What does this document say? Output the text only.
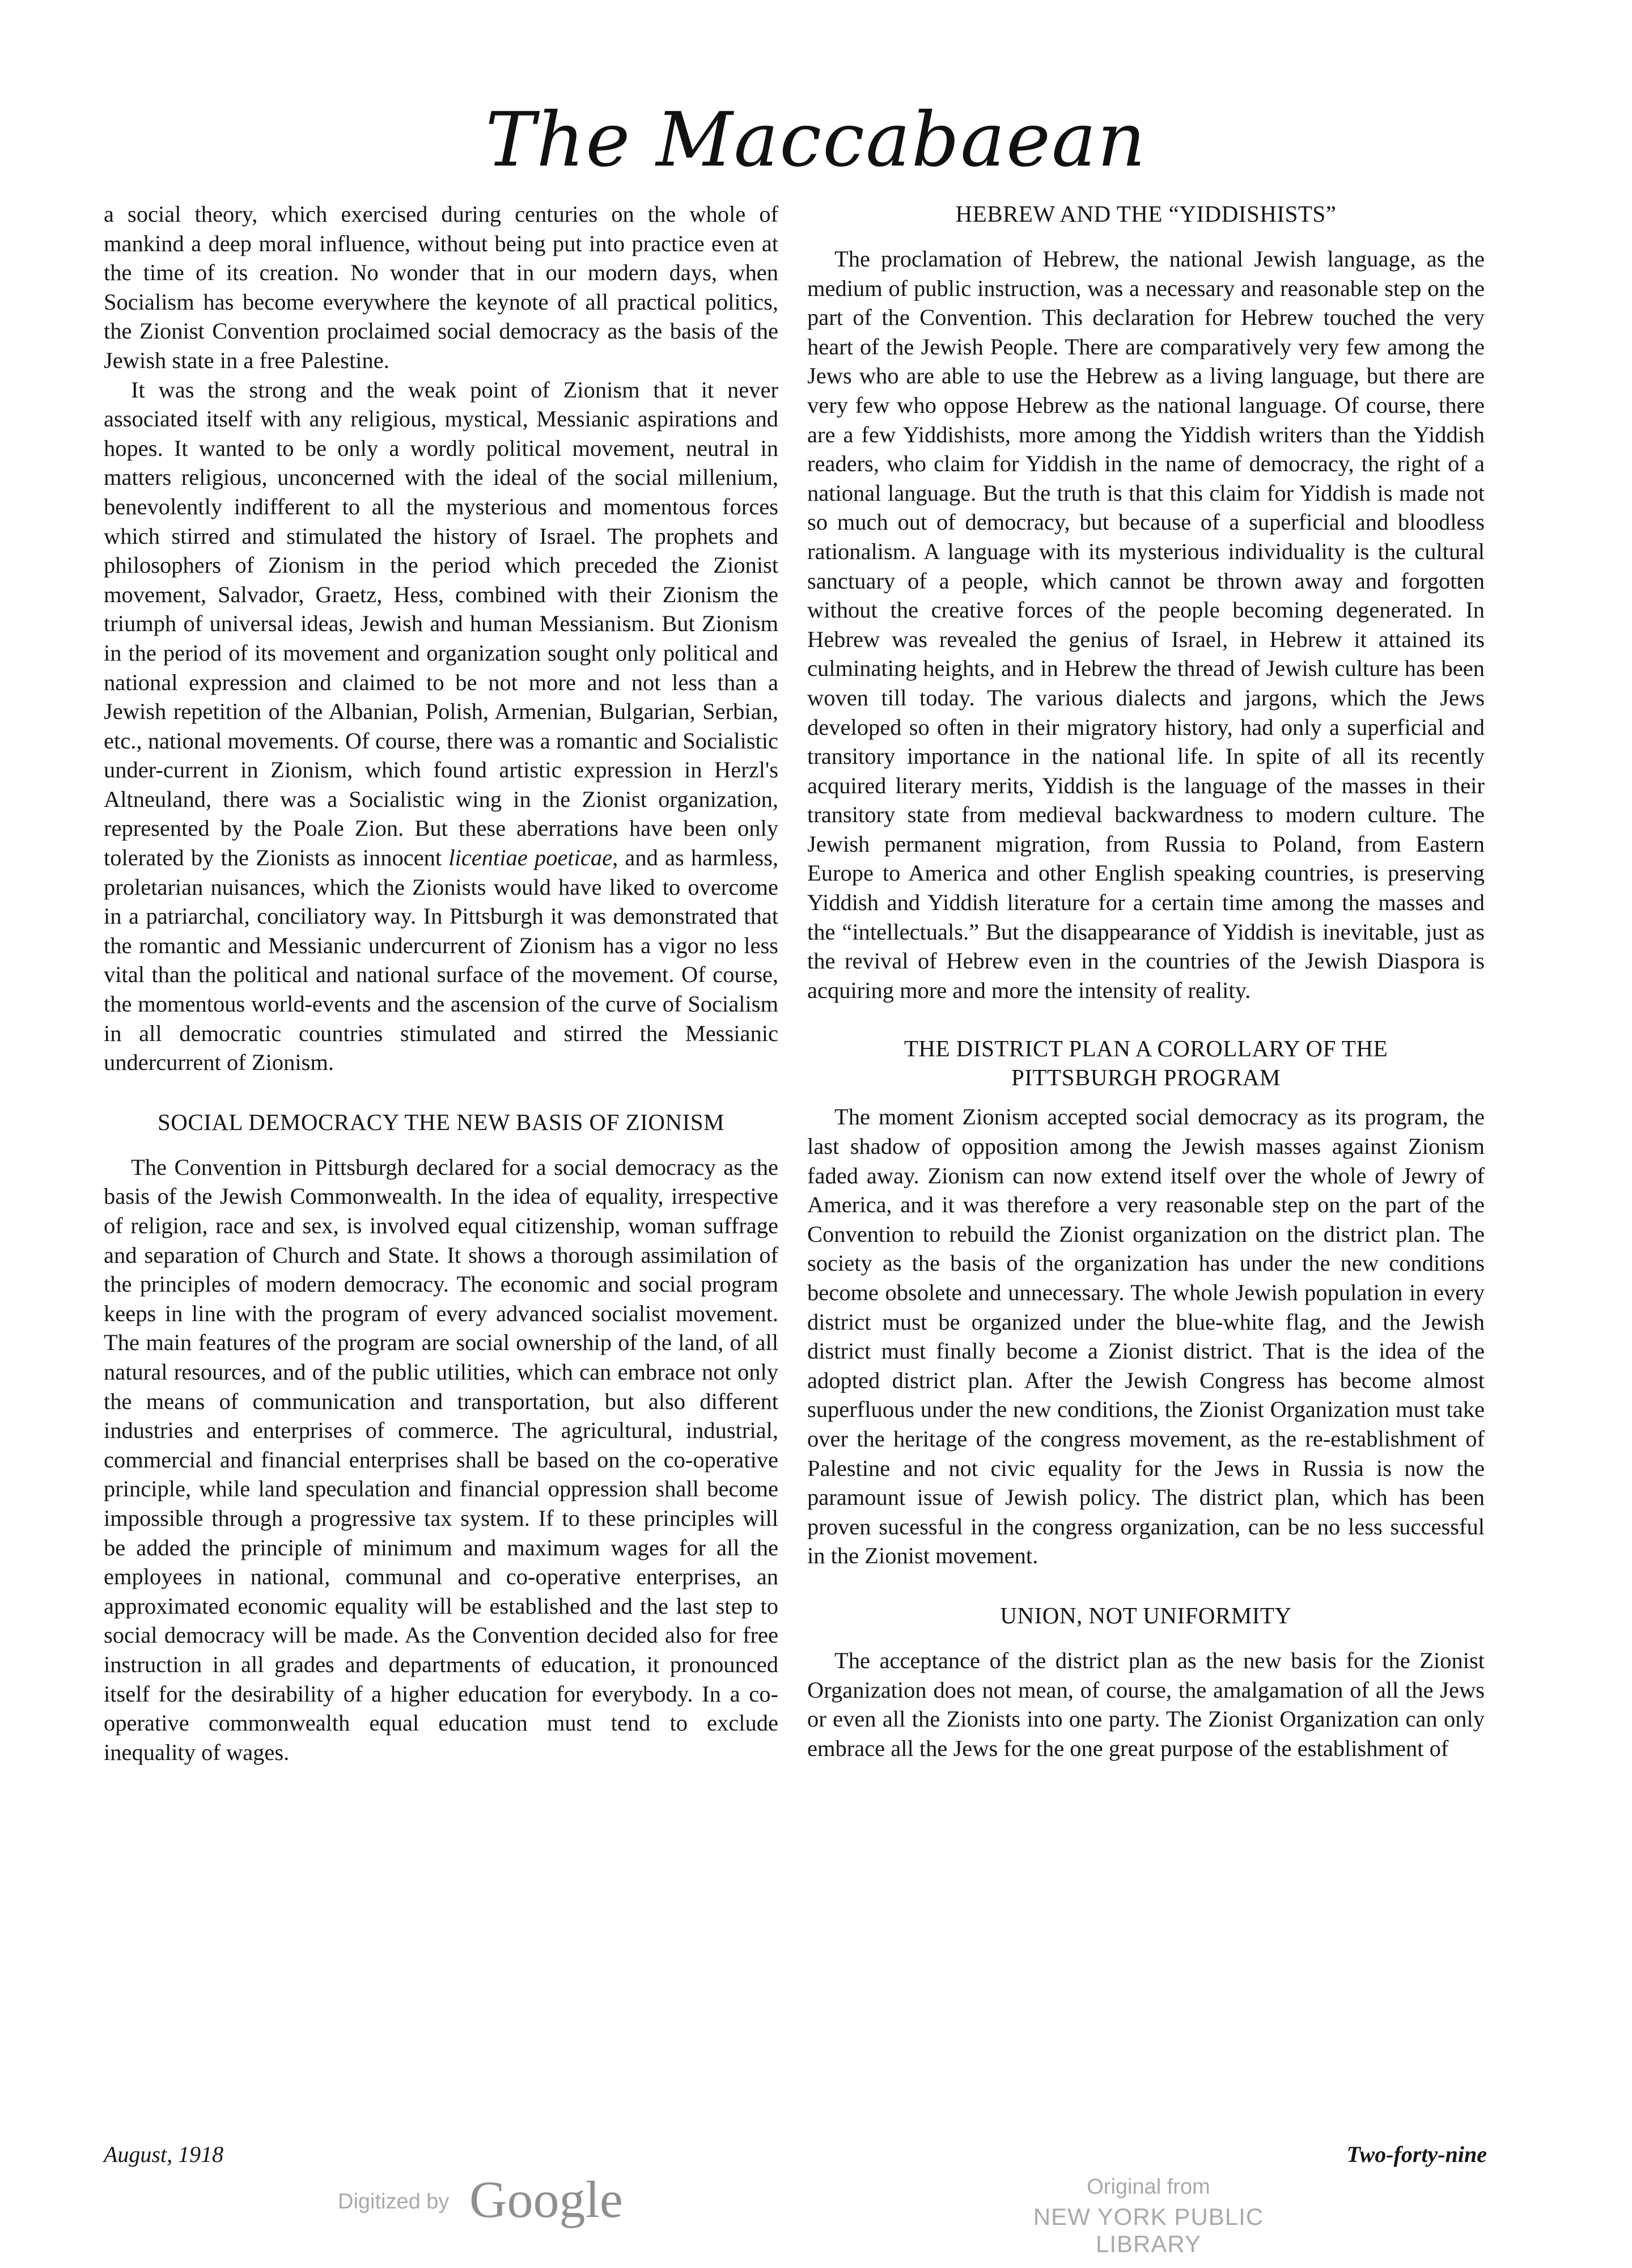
The Maccabaean

a social theory, which exercised during centuries on the whole of mankind a deep moral influence, without being put into practice even at the time of its creation. No wonder that in our modern days, when Socialism has become everywhere the keynote of all practical politics, the Zionist Convention proclaimed social democracy as the basis of the Jewish state in a free Palestine.

It was the strong and the weak point of Zionism that it never associated itself with any religious, mystical, Messianic aspirations and hopes. It wanted to be only a wordly political movement, neutral in matters religious, unconcerned with the ideal of the social millenium, benevolently indifferent to all the mysterious and momentous forces which stirred and stimulated the history of Israel. The prophets and philosophers of Zionism in the period which preceded the Zionist movement, Salvador, Graetz, Hess, combined with their Zionism the triumph of universal ideas, Jewish and human Messianism. But Zionism in the period of its movement and organization sought only political and national expression and claimed to be not more and not less than a Jewish repetition of the Albanian, Polish, Armenian, Bulgarian, Serbian, etc., national movements. Of course, there was a romantic and Socialistic under-current in Zionism, which found artistic expression in Herzl's Altneuland, there was a Socialistic wing in the Zionist organization, represented by the Poale Zion. But these aberrations have been only tolerated by the Zionists as innocent licentiae poeticae, and as harmless, proletarian nuisances, which the Zionists would have liked to overcome in a patriarchal, conciliatory way. In Pittsburgh it was demonstrated that the romantic and Messianic undercurrent of Zionism has a vigor no less vital than the political and national surface of the movement. Of course, the momentous world-events and the ascension of the curve of Socialism in all democratic countries stimulated and stirred the Messianic undercurrent of Zionism.

SOCIAL DEMOCRACY THE NEW BASIS OF ZIONISM

The Convention in Pittsburgh declared for a social democracy as the basis of the Jewish Commonwealth. In the idea of equality, irrespective of religion, race and sex, is involved equal citizenship, woman suffrage and separation of Church and State. It shows a thorough assimilation of the principles of modern democracy. The economic and social program keeps in line with the program of every advanced socialist movement. The main features of the program are social ownership of the land, of all natural resources, and of the public utilities, which can embrace not only the means of communication and transportation, but also different industries and enterprises of commerce. The agricultural, industrial, commercial and financial enterprises shall be based on the co-operative principle, while land speculation and financial oppression shall become impossible through a progressive tax system. If to these principles will be added the principle of minimum and maximum wages for all the employees in national, communal and co-operative enterprises, an approximated economic equality will be established and the last step to social democracy will be made. As the Convention decided also for free instruction in all grades and departments of education, it pronounced itself for the desirability of a higher education for everybody. In a co-operative commonwealth equal education must tend to exclude inequality of wages.

HEBREW AND THE “YIDDISHISTS”

The proclamation of Hebrew, the national Jewish language, as the medium of public instruction, was a necessary and reasonable step on the part of the Convention. This declaration for Hebrew touched the very heart of the Jewish People. There are comparatively very few among the Jews who are able to use the Hebrew as a living language, but there are very few who oppose Hebrew as the national language. Of course, there are a few Yiddishists, more among the Yiddish writers than the Yiddish readers, who claim for Yiddish in the name of democracy, the right of a national language. But the truth is that this claim for Yiddish is made not so much out of democracy, but because of a superficial and bloodless rationalism. A language with its mysterious individuality is the cultural sanctuary of a people, which cannot be thrown away and forgotten without the creative forces of the people becoming degenerated. In Hebrew was revealed the genius of Israel, in Hebrew it attained its culminating heights, and in Hebrew the thread of Jewish culture has been woven till today. The various dialects and jargons, which the Jews developed so often in their migratory history, had only a superficial and transitory importance in the national life. In spite of all its recently acquired literary merits, Yiddish is the language of the masses in their transitory state from medieval backwardness to modern culture. The Jewish permanent migration, from Russia to Poland, from Eastern Europe to America and other English speaking countries, is preserving Yiddish and Yiddish literature for a certain time among the masses and the “intellectuals.” But the disappearance of Yiddish is inevitable, just as the revival of Hebrew even in the countries of the Jewish Diaspora is acquiring more and more the intensity of reality.

THE DISTRICT PLAN A COROLLARY OF THE
PITTSBURGH PROGRAM

The moment Zionism accepted social democracy as its program, the last shadow of opposition among the Jewish masses against Zionism faded away. Zionism can now extend itself over the whole of Jewry of America, and it was therefore a very reasonable step on the part of the Convention to rebuild the Zionist organization on the district plan. The society as the basis of the organization has under the new conditions become obsolete and unnecessary. The whole Jewish population in every district must be organized under the blue-white flag, and the Jewish district must finally become a Zionist district. That is the idea of the adopted district plan. After the Jewish Congress has become almost superfluous under the new conditions, the Zionist Organization must take over the heritage of the congress movement, as the re-establishment of Palestine and not civic equality for the Jews in Russia is now the paramount issue of Jewish policy. The district plan, which has been proven sucessful in the congress organization, can be no less successful in the Zionist movement.

UNION, NOT UNIFORMITY

The acceptance of the district plan as the new basis for the Zionist Organization does not mean, of course, the amalgamation of all the Jews or even all the Zionists into one party. The Zionist Organization can only embrace all the Jews for the one great purpose of the establishment of

August, 1918	Two-forty-nine
Digitized by Google	Original from
NEW YORK PUBLIC LIBRARY
